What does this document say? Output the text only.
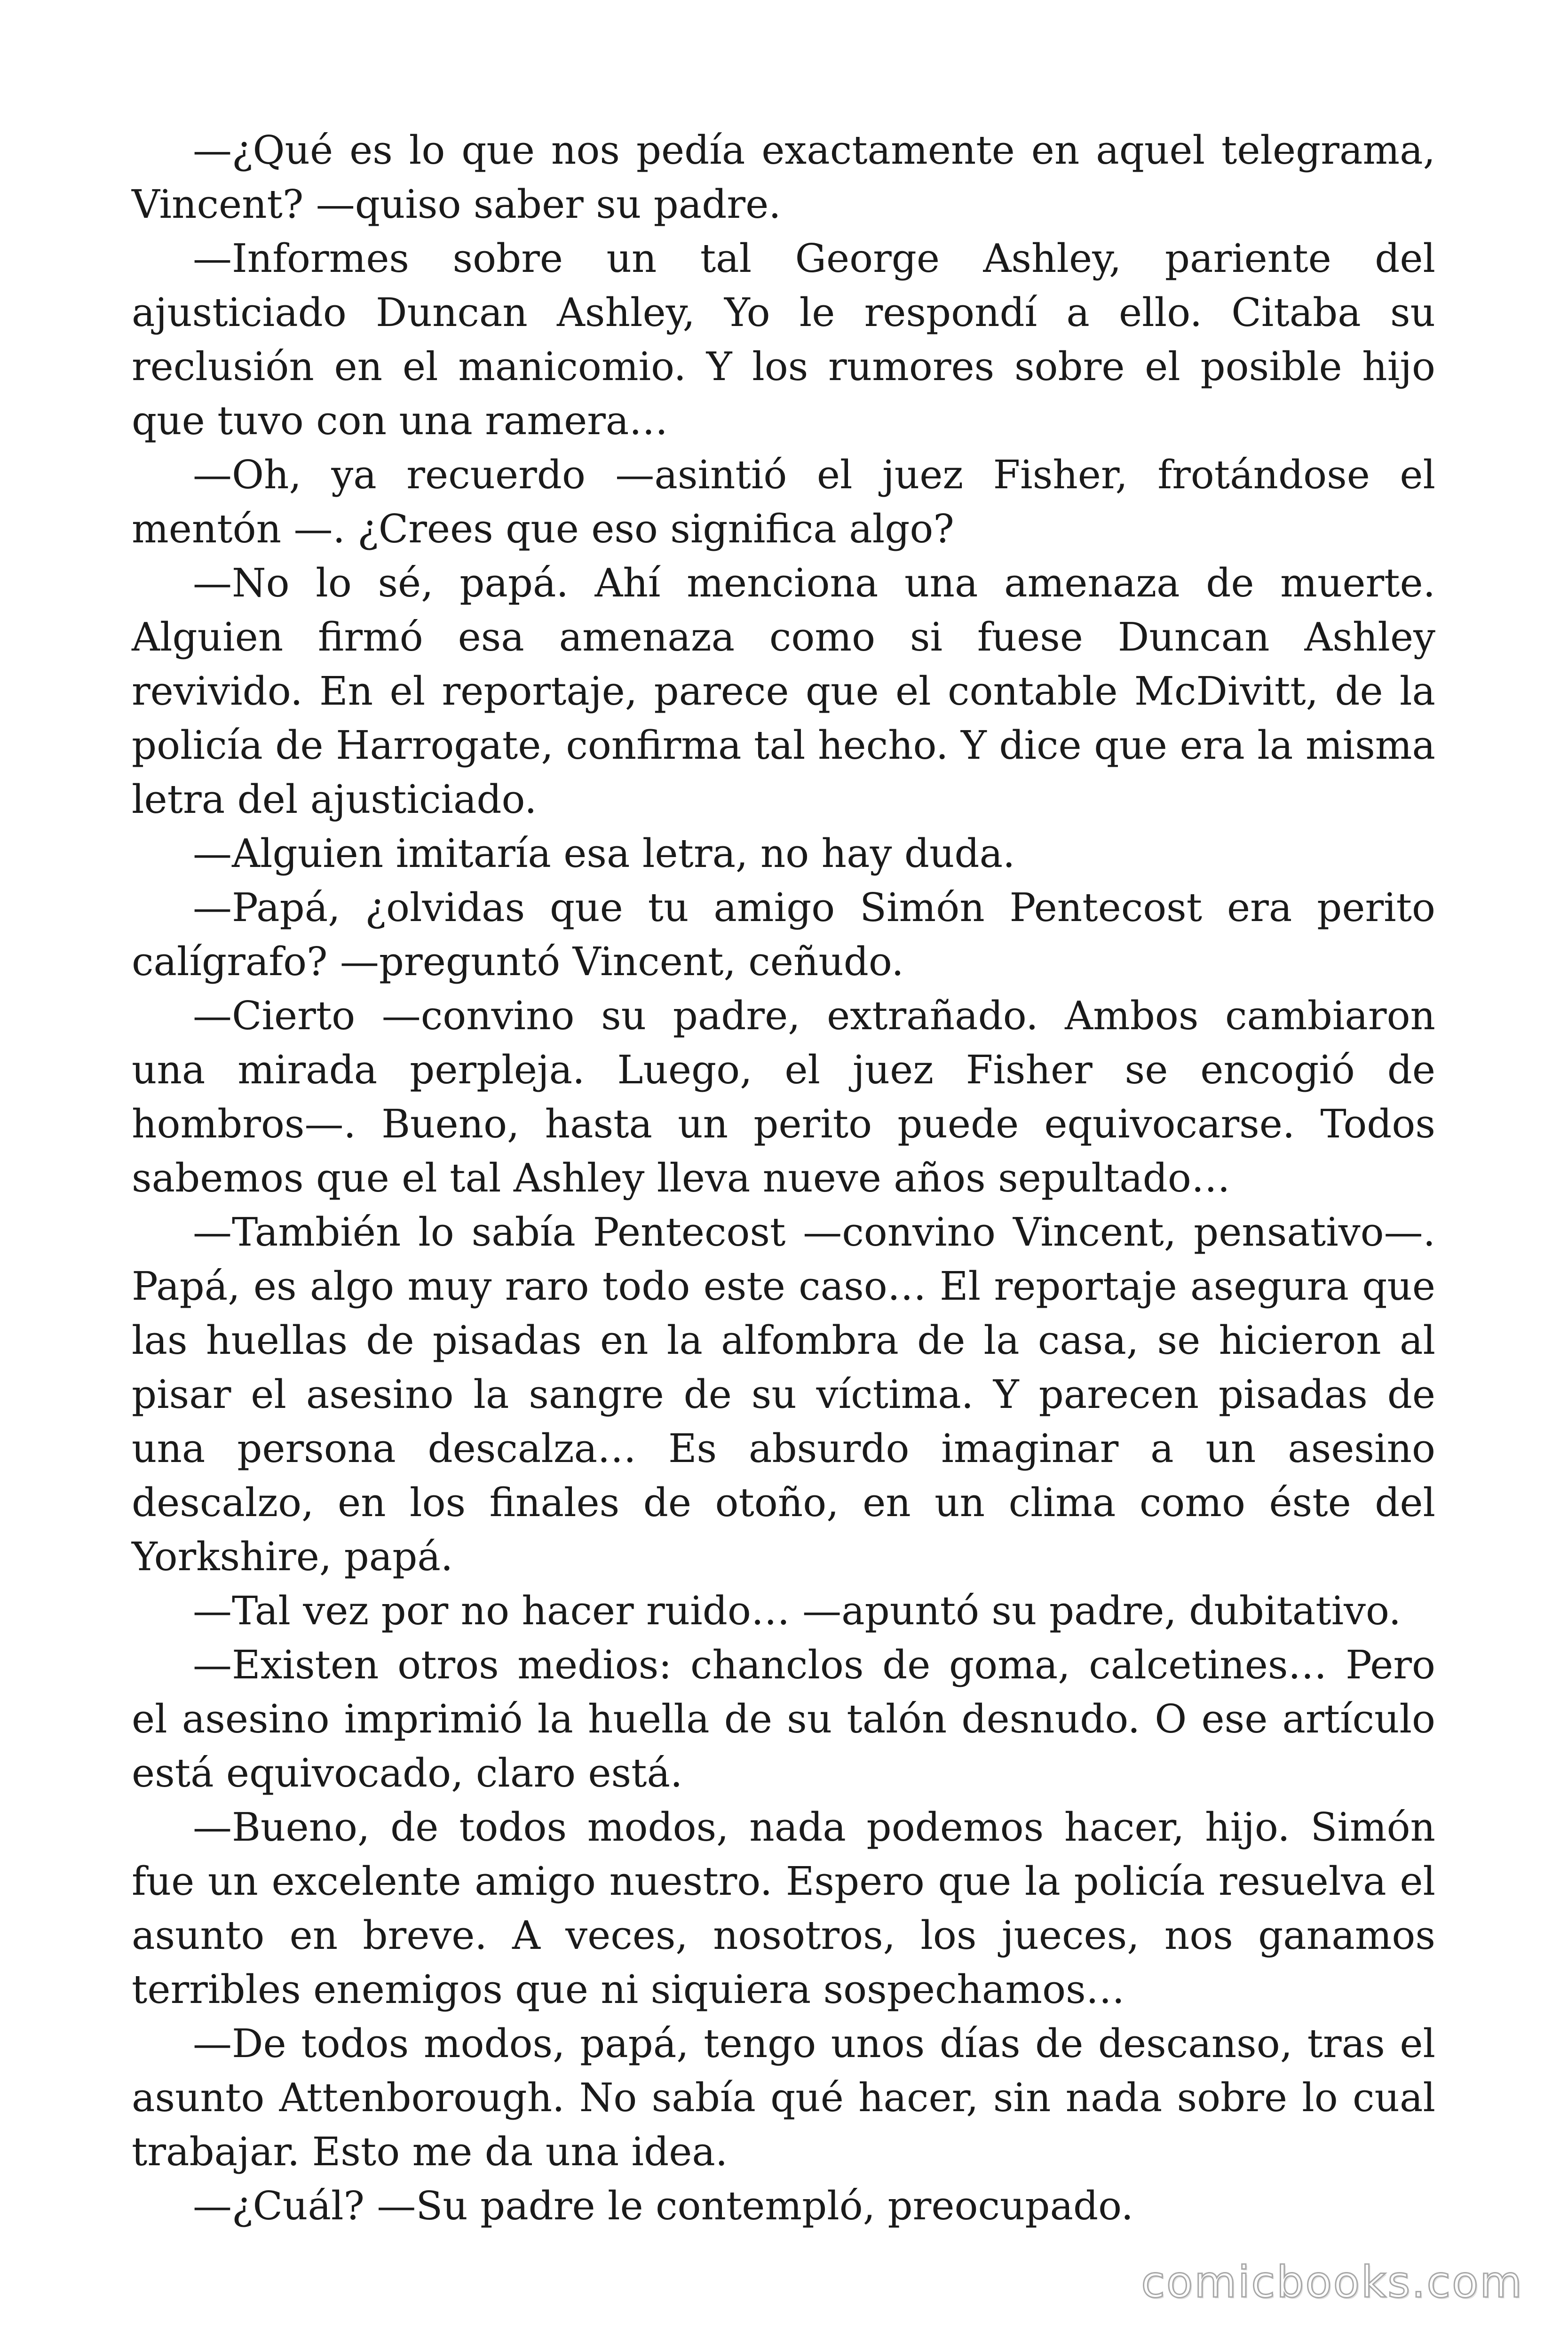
—¿Qué es lo que nos pedía exactamente en aquel telegrama, Vincent? —quiso saber su padre.

—Informes sobre un tal George Ashley, pariente del ajusticiado Duncan Ashley, Yo le respondí a ello. Citaba su reclusión en el manicomio. Y los rumores sobre el posible hijo que tuvo con una ramera…

—Oh, ya recuerdo —asintió el juez Fisher, frotándose el mentón —. ¿Crees que eso significa algo?

—No lo sé, papá. Ahí menciona una amenaza de muerte. Alguien firmó esa amenaza como si fuese Duncan Ashley revivido. En el reportaje, parece que el contable McDivitt, de la policía de Harrogate, confirma tal hecho. Y dice que era la misma letra del ajusticiado.

—Alguien imitaría esa letra, no hay duda.

—Papá, ¿olvidas que tu amigo Simón Pentecost era perito calígrafo? —preguntó Vincent, ceñudo.

—Cierto —convino su padre, extrañado. Ambos cambiaron una mirada perpleja. Luego, el juez Fisher se encogió de hombros—. Bueno, hasta un perito puede equivocarse. Todos sabemos que el tal Ashley lleva nueve años sepultado…

—También lo sabía Pentecost —convino Vincent, pensativo—. Papá, es algo muy raro todo este caso… El reportaje asegura que las huellas de pisadas en la alfombra de la casa, se hicieron al pisar el asesino la sangre de su víctima. Y parecen pisadas de una persona descalza… Es absurdo imaginar a un asesino descalzo, en los finales de otoño, en un clima como éste del Yorkshire, papá.

—Tal vez por no hacer ruido… —apuntó su padre, dubitativo.

—Existen otros medios: chanclos de goma, calcetines… Pero el asesino imprimió la huella de su talón desnudo. O ese artículo está equivocado, claro está.

—Bueno, de todos modos, nada podemos hacer, hijo. Simón fue un excelente amigo nuestro. Espero que la policía resuelva el asunto en breve. A veces, nosotros, los jueces, nos ganamos terribles enemigos que ni siquiera sospechamos…

—De todos modos, papá, tengo unos días de descanso, tras el asunto Attenborough. No sabía qué hacer, sin nada sobre lo cual trabajar. Esto me da una idea.

—¿Cuál? —Su padre le contempló, preocupado.

comicbooks.com
